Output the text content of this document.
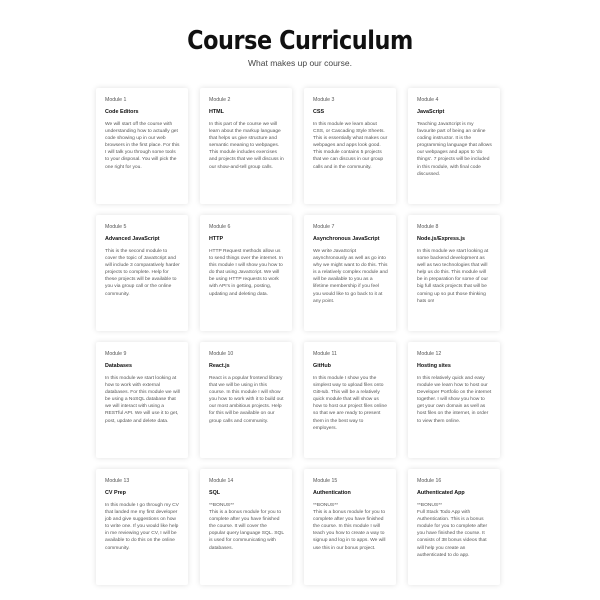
Course Curriculum
What makes up our course.
Module 1
Code Editors
We will start off the course with understanding how to actually get code showing up in our web browsers in the first place. For this I will talk you through some tools to your disposal. You will pick the one right for you.
Module 2
HTML
In this part of the course we will learn about the markup language that helps us give structure and semantic meaning to webpages. This module includes exercises and projects that we will discuss in our show-and-tell group calls.
Module 3
CSS
In this module we learn about CSS, or Cascading Style Sheets. This is essentially what makes our webpages and apps look good. This module contains 5 projects that we can discuss in our group calls and in the community.
Module 4
JavaScript
Teaching JavaScript is my favourite part of being an online coding instructor. It is the programming language that allows our webpages and apps to 'do things'. 7 projects will be included in this module, with final code discussed.
Module 5
Advanced JavaScript
This is the second module to cover the topic of JavaScript and will include 3 comparatively harder projects to complete. Help for these projects will be available to you via group call or the online community.
Module 6
HTTP
HTTP Request methods allow us to send things over the internet. In this module I will show you how to do that using JavaScript. We will be using HTTP requests to work with API's in getting, posting, updating and deleting data.
Module 7
Asynchronous JavaScript
We write JavaScript asynchronously as well as go into why we might want to do this. This is a relatively complex module and will be available to you as a lifetime membership if you feel you would like to go back to it at any point.
Module 8
Node.js/Express.js
In this module we start looking at some backend development as well as two technologies that will help us do this. This module will be in preparation for some of our big full stack projects that will be coming up so put those thinking hats on!
Module 9
Databases
In this module we start looking at how to work with external databases. For this module we will be using a NoSQL database that we will interact with using a RESTful API. We will use it to get, post, update and delete data.
Module 10
React.js
React is a popular frontend library that we will be using in this course. In this module I will show you how to work with it to build out our most ambitious projects. Help for this will be available on our group calls and community.
Module 11
GitHub
In this module I show you the simplest way to upload files onto GitHub. This will be a relatively quick module that will show us how to host our project files online so that we are ready to present them in the best way to employers.
Module 12
Hosting sites
In this relatively quick and easy module we learn how to host our Developer Portfolio on the internet together. I will show you how to get your own domain as well as host files on the internet, in order to view them online.
Module 13
CV Prep
In this module I go through my CV that landed me my first developer job and give suggestions on how to write one. If you would like help in me reviewing your CV, I will be available to do this on the online community.
Module 14
SQL
**BONUS**
This is a bonus module for you to complete after you have finished the course. It will cover the popular query language SQL. SQL is used for communicating with databases.
Module 15
Authentication
**BONUS**
This is a bonus module for you to complete after you have finished the course. In this module I will teach you how to create a way to signup and log in to apps. We will use this in our bonus project.
Module 16
Authenticated App
**BONUS**
Full Stack Todo App with Authentication. This is a bonus module for you to complete after you have finished the course. It consists of 38 bonus videos that will help you create an authenticated to do app.
